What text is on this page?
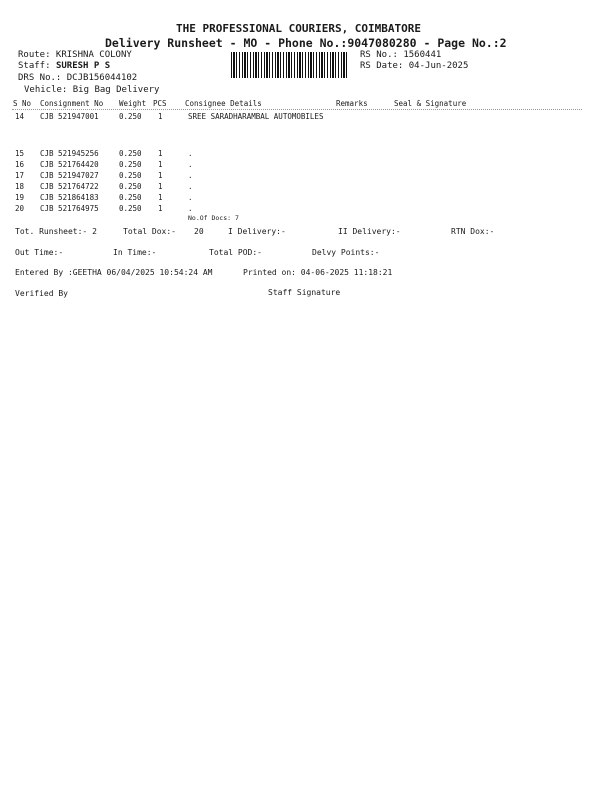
THE PROFESSIONAL COURIERS, COIMBATORE
Delivery Runsheet - MO - Phone No.:9047080280 - Page No.:2
Route: KRISHNA COLONY
Staff: SURESH P S
DRS No.: DCJB156044102
Vehicle: Big Bag Delivery
RS No.: 1560441
RS Date: 04-Jun-2025
S No Consignment No Weight PCS Consignee Details	Remarks	Seal & Signature
14 CJB 521947001	0.250 1	SREE SARADHARAMBAL AUTOMOBILES
15 CJB 521945256	0.250 1	.
16 CJB 521764420	0.250 1	.
17 CJB 521947027	0.250 1	.
18 CJB 521764722	0.250 1	.
19 CJB 521864183	0.250 1	.
20 CJB 521764975	0.250 1	.
No.Of Docs: 7
Tot. Runsheet:- 2	Total Dox:- 20	I Delivery:-	II Delivery:-	RTN Dox:-
Out Time:-	In Time:-	Total POD:-	Delvy Points:-
Entered By :GEETHA 06/04/2025 10:54:24 AM	Printed on: 04-06-2025 11:18:21
Verified By	Staff Signature
